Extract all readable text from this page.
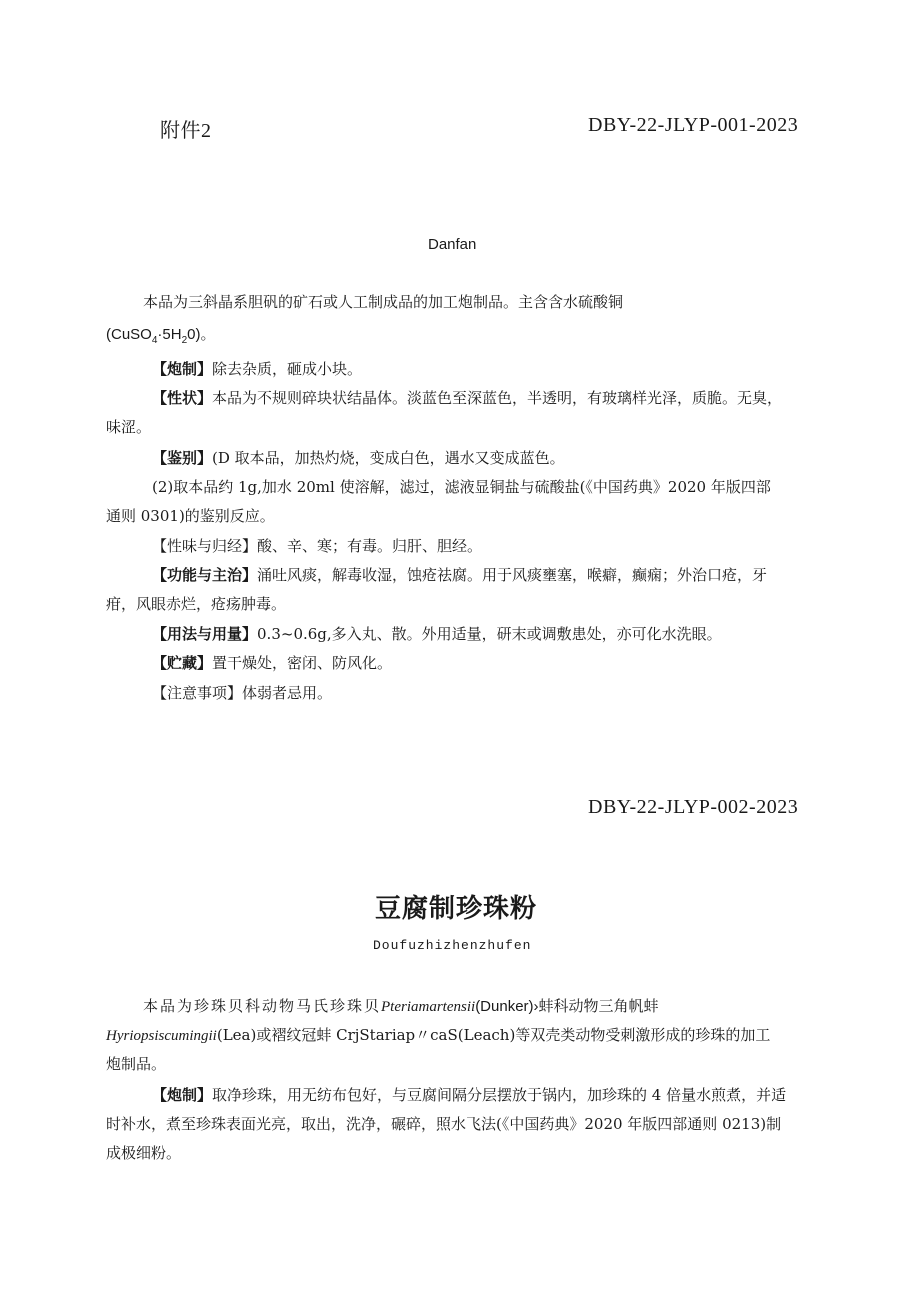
附件2	DBY-22-JLYP-001-2023
Danfan
本品为三斜晶系胆矾的矿石或人工制成品的加工炮制品。主含含水硫酸铜
$(CuSO_4\cdot 5H_20)$。
【炮制】除去杂质，砸成小块。
【性状】本品为不规则碎块状结晶体。淡蓝色至深蓝色，半透明，有玻璃样光泽，质脆。无臭，
味涩。
【鉴别】(D 取本品，加热灼烧，变成白色，遇水又变成蓝色。
(2)取本品约 1g,加水 20ml 使溶解，滤过，滤液显铜盐与硫酸盐(《中国药典》2020 年版四部
通则 0301)的鉴别反应。
【性味与归经】酸、辛、寒；有毒。归肝、胆经。
【功能与主治】涌吐风痰，解毒收湿，蚀疮祛腐。用于风痰壅塞，喉癖，癫痫；外治口疮，牙
疳，风眼赤烂，疮疡肿毒。
【用法与用量】0.3~0.6g,多入丸、散。外用适量，研末或调敷患处，亦可化水洗眼。
【贮藏】置干燥处，密闭、防风化。
【注意事项】体弱者忌用。
DBY-22-JLYP-002-2023
豆腐制珍珠粉
Doufuzhizhenzhufen
本品为珍珠贝科动物马氏珍珠贝Pteriamartensii(Dunker)›蚌科动物三角帆蚌
Hyriopsiscumingii(Lea)或褶纹冠蚌 CrjStariap〃caS(Leach)等双壳类动物受刺激形成的珍珠的加工
炮制品。
【炮制】取净珍珠，用无纺布包好，与豆腐间隔分层摆放于锅内，加珍珠的 4 倍量水煎煮，并适
时补水，煮至珍珠表面光亮，取出，洗净，碾碎，照水飞法(《中国药典》2020 年版四部通则 0213)制
成极细粉。
